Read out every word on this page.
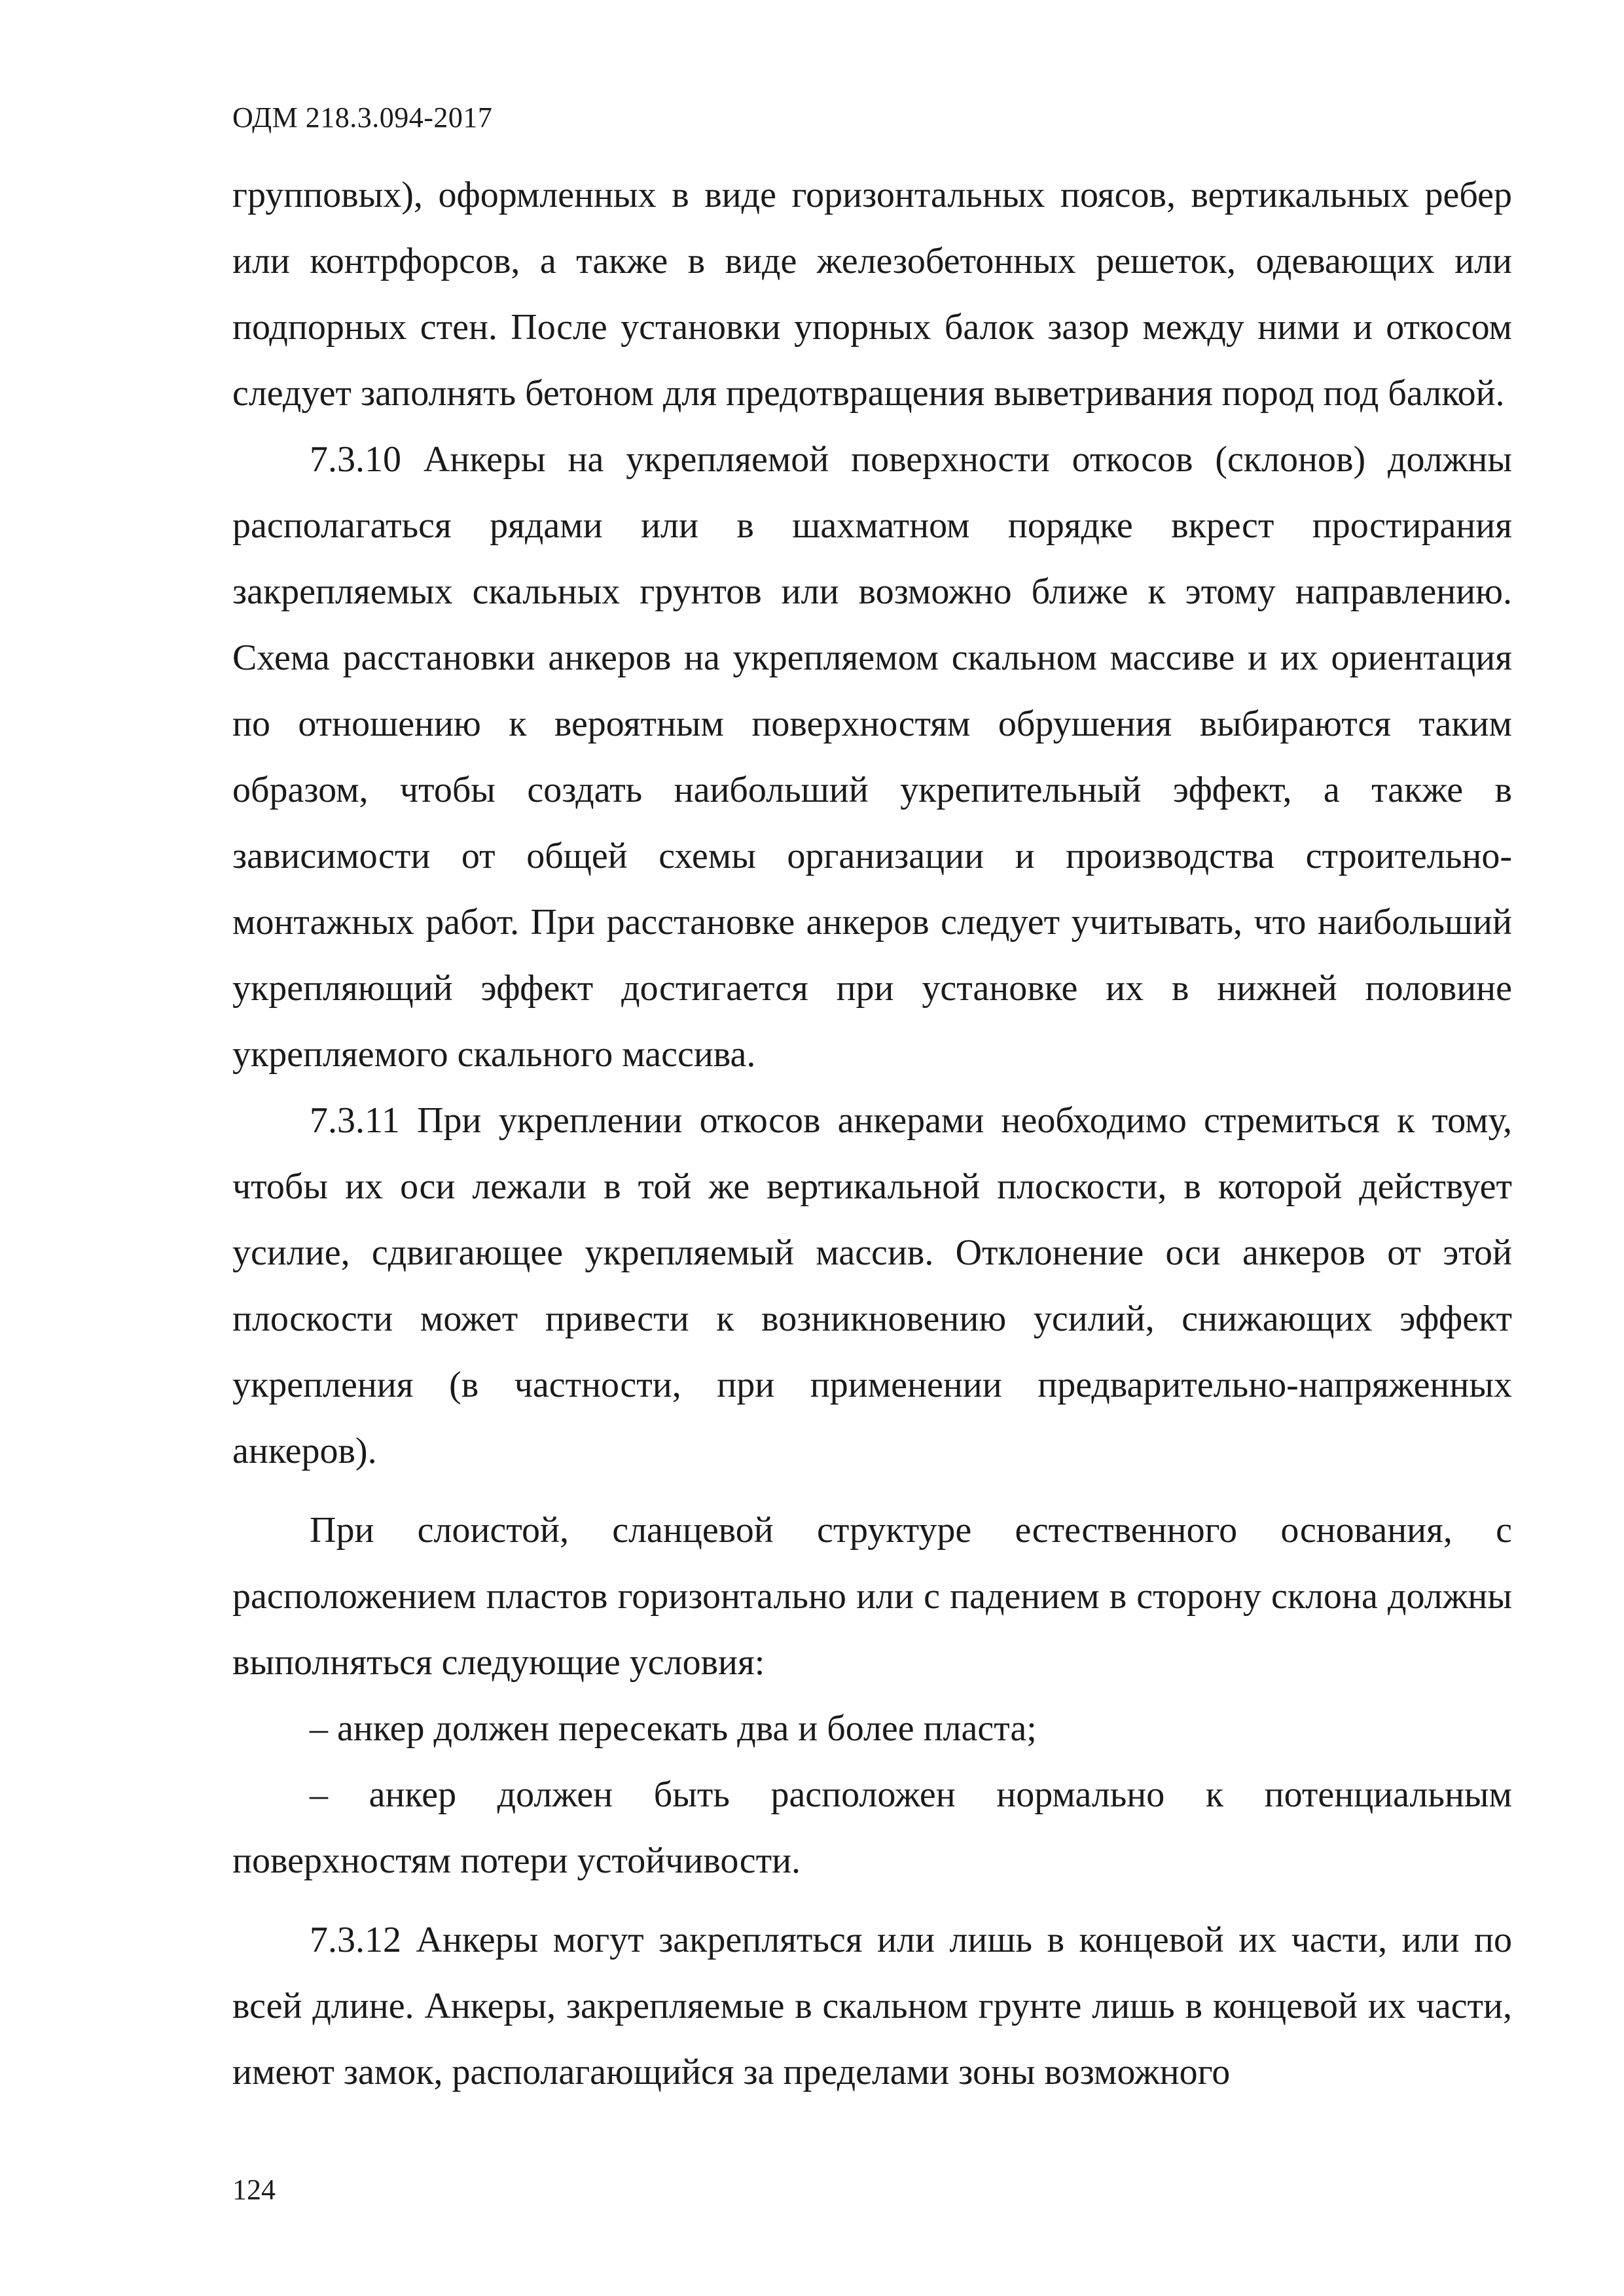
ОДМ 218.3.094-2017

групповых), оформленных в виде горизонтальных поясов, вертикальных ребер или контрфорсов, а также в виде железобетонных решеток, одевающих или подпорных стен. После установки упорных балок зазор между ними и откосом следует заполнять бетоном для предотвращения выветривания пород под балкой.

7.3.10 Анкеры на укрепляемой поверхности откосов (склонов) должны располагаться рядами или в шахматном порядке вкрест простирания закрепляемых скальных грунтов или возможно ближе к этому направлению. Схема расстановки анкеров на укрепляемом скальном массиве и их ориентация по отношению к вероятным поверхностям обрушения выбираются таким образом, чтобы создать наибольший укрепительный эффект, а также в зависимости от общей схемы организации и производства строительно-монтажных работ. При расстановке анкеров следует учитывать, что наибольший укрепляющий эффект достигается при установке их в нижней половине укрепляемого скального массива.

7.3.11 При укреплении откосов анкерами необходимо стремиться к тому, чтобы их оси лежали в той же вертикальной плоскости, в которой действует усилие, сдвигающее укрепляемый массив. Отклонение оси анкеров от этой плоскости может привести к возникновению усилий, снижающих эффект укрепления (в частности, при применении предварительно-напряженных анкеров).

При слоистой, сланцевой структуре естественного основания, с расположением пластов горизонтально или с падением в сторону склона должны выполняться следующие условия:

– анкер должен пересекать два и более пласта;

– анкер должен быть расположен нормально к потенциальным поверхностям потери устойчивости.

7.3.12 Анкеры могут закрепляться или лишь в концевой их части, или по всей длине. Анкеры, закрепляемые в скальном грунте лишь в концевой их части, имеют замок, располагающийся за пределами зоны возможного

124
